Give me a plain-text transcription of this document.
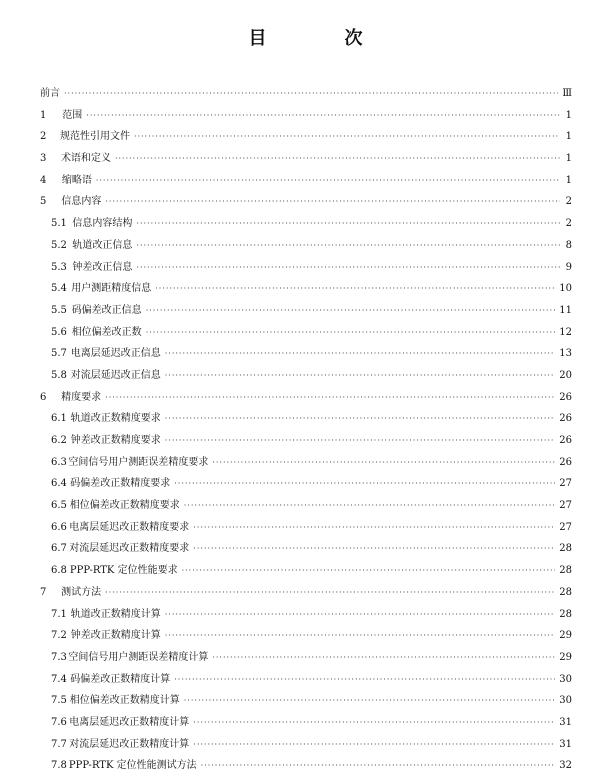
目　次
前言 ·····	Ⅲ
1	范围 ·····	1
2	规范性引用文件 ·····	1
3	术语和定义 ·····	1
4	缩略语 ·····	1
5	信息内容 ·····	2
5.1 信息内容结构 ·····	2
5.2 轨道改正信息 ·····	8
5.3 钟差改正信息 ·····	9
5.4 用户测距精度信息 ·····	10
5.5 码偏差改正信息 ·····	11
5.6 相位偏差改正数 ·····	12
5.7 电离层延迟改正信息 ·····	13
5.8 对流层延迟改正信息 ·····	20
6	精度要求 ·····	26
6.1 轨道改正数精度要求 ·····	26
6.2 钟差改正数精度要求 ·····	26
6.3 空间信号用户测距误差精度要求 ·····	26
6.4 码偏差改正数精度要求 ·····	27
6.5 相位偏差改正数精度要求 ·····	27
6.6 电离层延迟改正数精度要求 ·····	27
6.7 对流层延迟改正数精度要求 ·····	28
6.8 PPP-RTK 定位性能要求 ·····	28
7	测试方法 ·····	28
7.1 轨道改正数精度计算 ·····	28
7.2 钟差改正数精度计算 ·····	29
7.3 空间信号用户测距误差精度计算 ·····	29
7.4 码偏差改正数精度计算 ·····	30
7.5 相位偏差改正数精度计算 ·····	30
7.6 电离层延迟改正数精度计算 ·····	31
7.7 对流层延迟改正数精度计算 ·····	31
7.8 PPP-RTK 定位性能测试方法 ·····	32
